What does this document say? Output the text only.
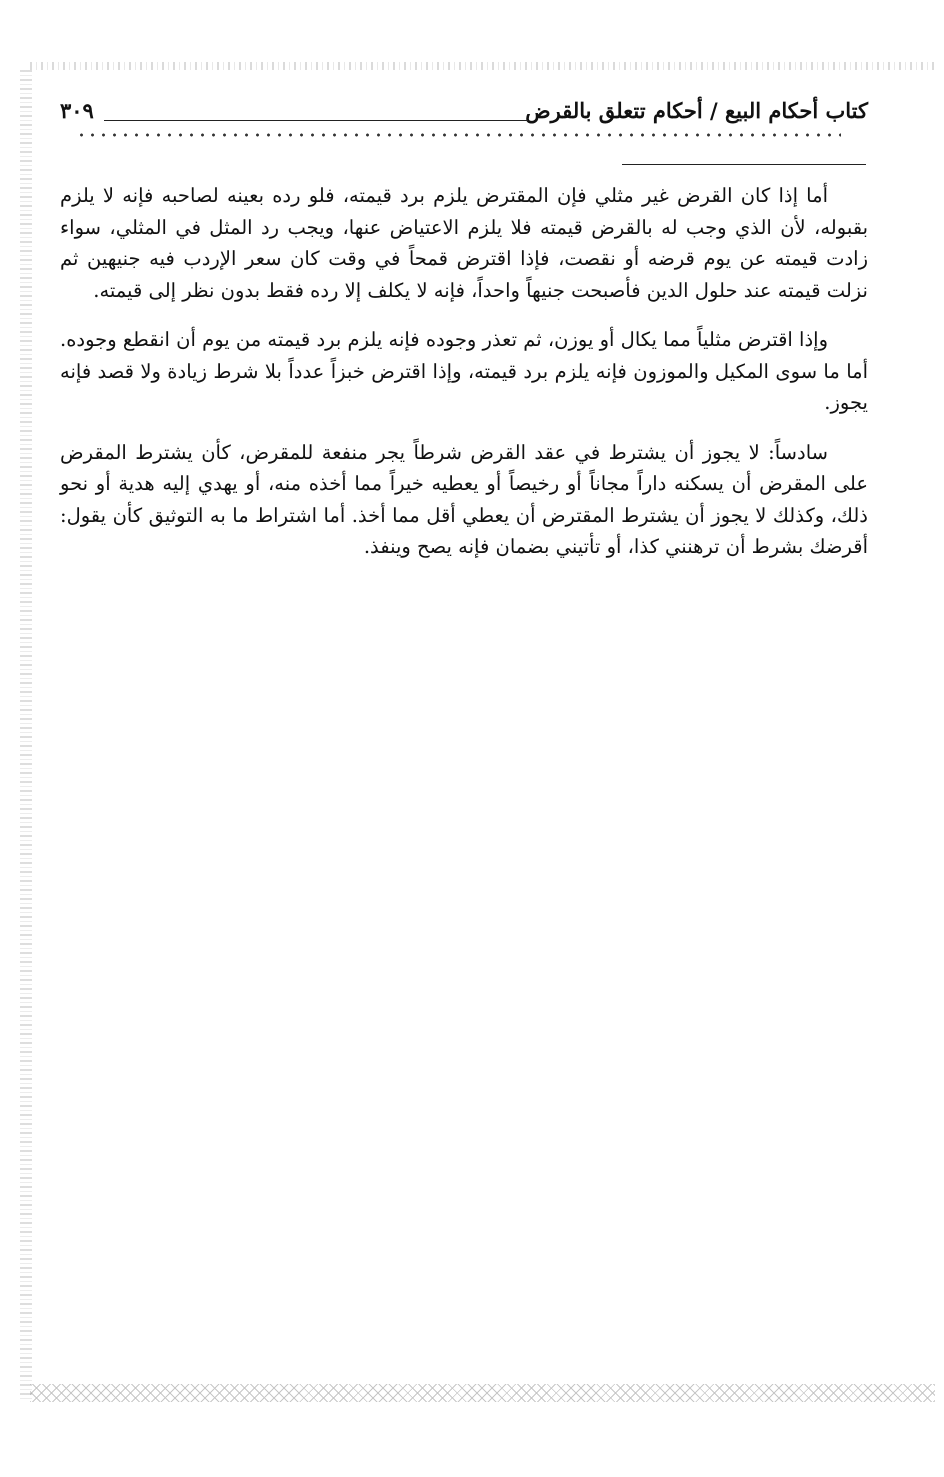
كتاب أحكام البيع / أحكام تتعلق بالقرض
٣٠٩

أما إذا كان القرض غير مثلي فإن المقترض يلزم برد قيمته، فلو رده بعينه لصاحبه فإنه لا يلزم بقبوله، لأن الذي وجب له بالقرض قيمته فلا يلزم الاعتياض عنها، ويجب رد المثل في المثلي، سواء زادت قيمته عن يوم قرضه أو نقصت، فإذا اقترض قمحاً في وقت كان سعر الإردب فيه جنيهين ثم نزلت قيمته عند حلول الدين فأصبحت جنيهاً واحداً، فإنه لا يكلف إلا رده فقط بدون نظر إلى قيمته.

وإذا اقترض مثلياً مما يكال أو يوزن، ثم تعذر وجوده فإنه يلزم برد قيمته من يوم أن انقطع وجوده. أما ما سوى المكيل والموزون فإنه يلزم برد قيمته، وإذا اقترض خبزاً عدداً بلا شرط زيادة ولا قصد فإنه يجوز.

سادساً: لا يجوز أن يشترط في عقد القرض شرطاً يجر منفعة للمقرض، كأن يشترط المقرض على المقرض أن يسكنه داراً مجاناً أو رخيصاً أو يعطيه خيراً مما أخذه منه، أو يهدي إليه هدية أو نحو ذلك، وكذلك لا يجوز أن يشترط المقترض أن يعطي أقل مما أخذ. أما اشتراط ما به التوثيق كأن يقول: أقرضك بشرط أن ترهنني كذا، أو تأتيني بضمان فإنه يصح وينفذ.
